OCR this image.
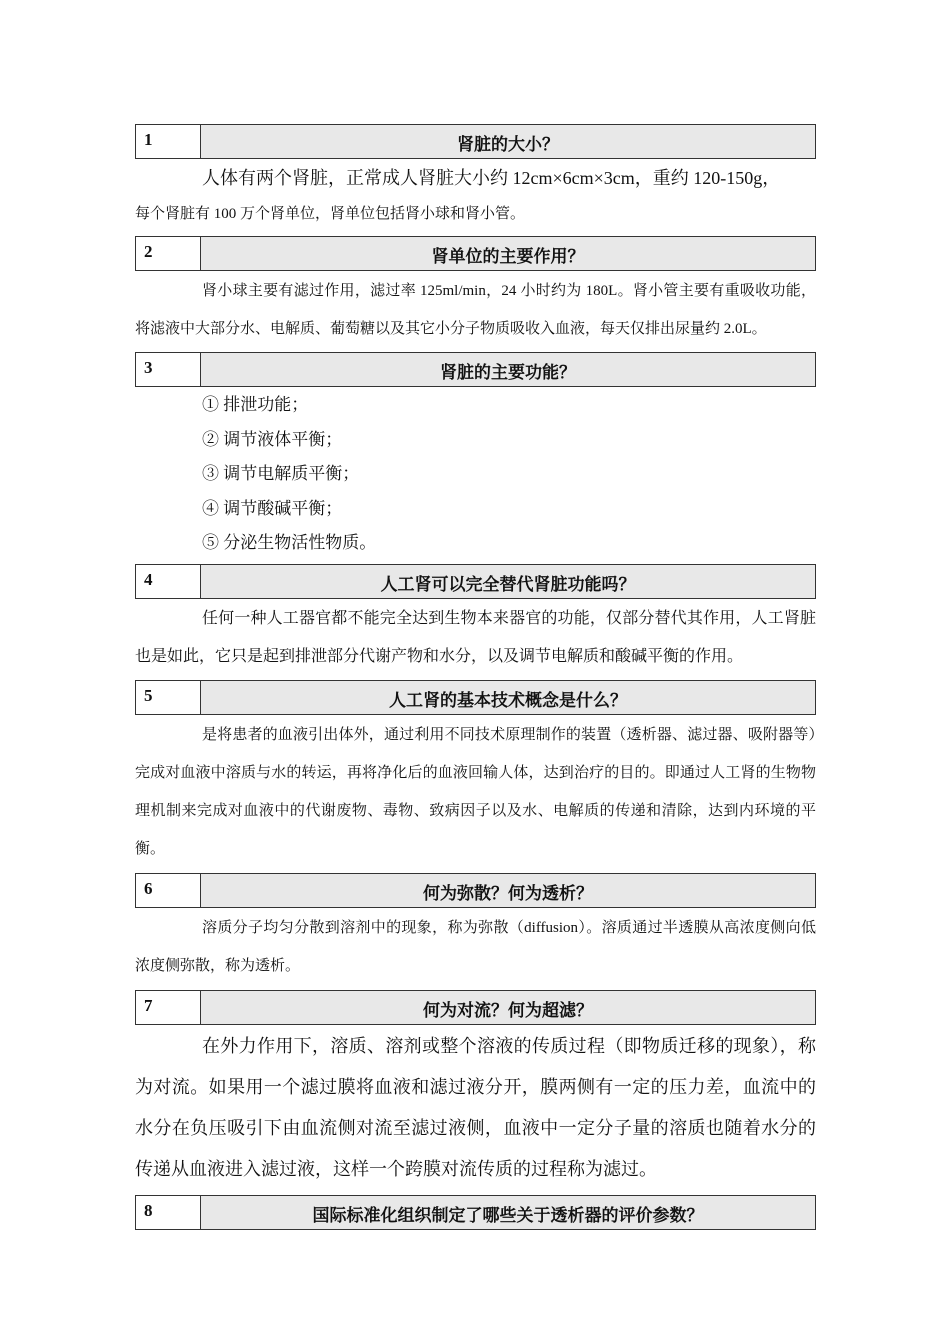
1	肾脏的大小？

人体有两个肾脏，正常成人肾脏大小约 12cm×6cm×3cm，重约 120-150g，

每个肾脏有 100 万个肾单位，肾单位包括肾小球和肾小管。

2	肾单位的主要作用？

肾小球主要有滤过作用，滤过率 125ml/min，24 小时约为 180L。肾小管主要有重吸收功能，将滤液中大部分水、电解质、葡萄糖以及其它小分子物质吸收入血液，每天仅排出尿量约 2.0L。

3	肾脏的主要功能？

① 排泄功能；

② 调节液体平衡；

③ 调节电解质平衡；

④ 调节酸碱平衡；

⑤ 分泌生物活性物质。

4	人工肾可以完全替代肾脏功能吗？

任何一种人工器官都不能完全达到生物本来器官的功能，仅部分替代其作用，人工肾脏也是如此，它只是起到排泄部分代谢产物和水分，以及调节电解质和酸碱平衡的作用。

5	人工肾的基本技术概念是什么？

是将患者的血液引出体外，通过利用不同技术原理制作的装置（透析器、滤过器、吸附器等）完成对血液中溶质与水的转运，再将净化后的血液回输人体，达到治疗的目的。即通过人工肾的生物物理机制来完成对血液中的代谢废物、毒物、致病因子以及水、电解质的传递和清除，达到内环境的平衡。

6	何为弥散？何为透析？

溶质分子均匀分散到溶剂中的现象，称为弥散（diffusion）。溶质通过半透膜从高浓度侧向低浓度侧弥散，称为透析。

7	何为对流？何为超滤？

在外力作用下，溶质、溶剂或整个溶液的传质过程（即物质迁移的现象），称为对流。如果用一个滤过膜将血液和滤过液分开，膜两侧有一定的压力差，血流中的水分在负压吸引下由血流侧对流至滤过液侧，血液中一定分子量的溶质也随着水分的传递从血液进入滤过液，这样一个跨膜对流传质的过程称为滤过。

8	国际标准化组织制定了哪些关于透析器的评价参数？
